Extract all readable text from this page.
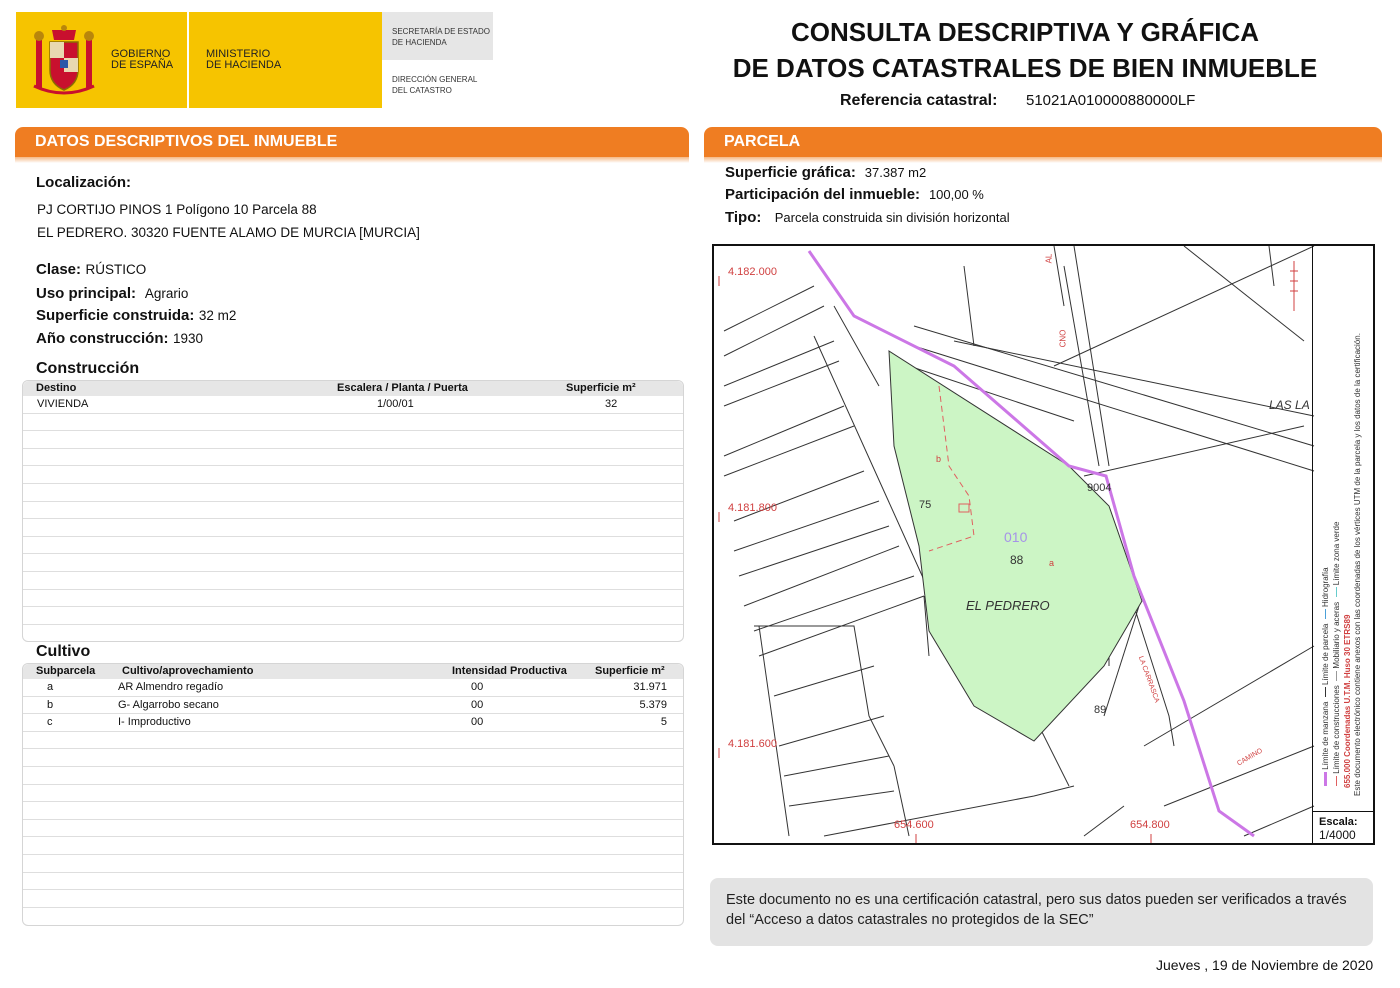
GOBIERNO
DE ESPAÑA
MINISTERIO
DE HACIENDA
SECRETARÍA DE ESTADO
DE HACIENDA
DIRECCIÓN GENERAL
DEL CATASTRO
CONSULTA DESCRIPTIVA Y GRÁFICA
DE DATOS CATASTRALES DE BIEN INMUEBLE
Referencia catastral: 51021A010000880000LF
DATOS DESCRIPTIVOS DEL INMUEBLE
Localización:
PJ CORTIJO PINOS 1 Polígono 10 Parcela 88
EL PEDRERO. 30320 FUENTE ALAMO DE MURCIA [MURCIA]
Clase: RÚSTICO
Uso principal: Agrario
Superficie construida: 32 m2
Año construcción: 1930
Construcción
Destino	Escalera / Planta / Puerta	Superficie m²
VIVIENDA	1/00/01	32
Cultivo
Subparcela Cultivo/aprovechamiento	Intensidad Productiva	Superficie m²
a	AR Almendro regadío	00	31.971
b	G- Algarrobo secano	00	5.379
c	I- Improductivo	00	5
PARCELA
Superficie gráfica: 37.387 m2
Participación del inmueble: 100,00 %
Tipo: Parcela construida sin división horizontal
4.182.000
4.181.800
4.181.600
654.600	654.800
010
88
EL PEDRERO
9004
75
89
b
a
LAS LA
AL
CNO
LA CARRASCA
CAMINO	Límite de manzana   Límite de parcela   Hidrografía
Límite de construcciones   Mobiliario y aceras   Límite zona verde
655.000 Coordenadas U.T.M. Huso 30 ETRS89 Este documento electrónico contiene anexos con las coordenadas de los vértices UTM de la parcela y los datos de la certificación.
Escala:
1/4000
Este documento no es una certificación catastral, pero sus datos pueden ser verificados a través del “Acceso a datos catastrales no protegidos de la SEC”
Jueves , 19 de Noviembre de 2020
